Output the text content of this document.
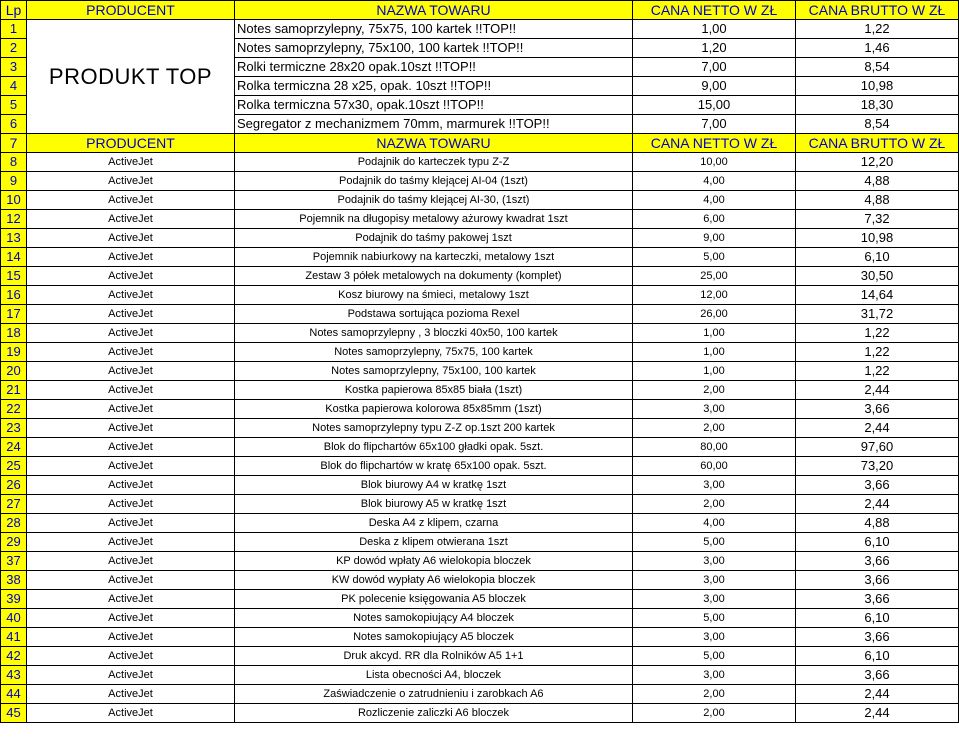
Lp	PRODUCENT	NAZWA TOWARU	CANA NETTO W ZŁ	CANA BRUTTO W ZŁ
1	PRODUKT TOP	Notes samoprzylepny, 75x75, 100 kartek !!TOP!!	1,00	1,22
2		Notes samoprzylepny, 75x100, 100 kartek !!TOP!!	1,20	1,46
3		Rolki termiczne 28x20 opak.10szt !!TOP!!	7,00	8,54
4		Rolka termiczna 28 x25, opak. 10szt !!TOP!!	9,00	10,98
5		Rolka termiczna 57x30, opak.10szt !!TOP!!	15,00	18,30
6		Segregator z mechanizmem 70mm, marmurek !!TOP!!	7,00	8,54
7	PRODUCENT	NAZWA TOWARU	CANA NETTO W ZŁ	CANA BRUTTO W ZŁ
8	ActiveJet	Podajnik do karteczek typu Z-Z	10,00	12,20
9	ActiveJet	Podajnik do taśmy klejącej AI-04 (1szt)	4,00	4,88
10	ActiveJet	Podajnik do taśmy klejącej AI-30, (1szt)	4,00	4,88
12	ActiveJet	Pojemnik na długopisy metalowy ażurowy kwadrat 1szt	6,00	7,32
13	ActiveJet	Podajnik do taśmy pakowej 1szt	9,00	10,98
14	ActiveJet	Pojemnik nabiurkowy na karteczki, metalowy 1szt	5,00	6,10
15	ActiveJet	Zestaw 3 półek metalowych na dokumenty (komplet)	25,00	30,50
16	ActiveJet	Kosz biurowy na śmieci, metalowy 1szt	12,00	14,64
17	ActiveJet	Podstawa sortująca pozioma Rexel	26,00	31,72
18	ActiveJet	Notes samoprzylepny , 3 bloczki 40x50, 100 kartek	1,00	1,22
19	ActiveJet	Notes samoprzylepny, 75x75, 100 kartek	1,00	1,22
20	ActiveJet	Notes samoprzylepny, 75x100, 100 kartek	1,00	1,22
21	ActiveJet	Kostka papierowa 85x85 biała (1szt)	2,00	2,44
22	ActiveJet	Kostka papierowa kolorowa 85x85mm (1szt)	3,00	3,66
23	ActiveJet	Notes samoprzylepny typu Z-Z op.1szt 200 kartek	2,00	2,44
24	ActiveJet	Blok do flipchartów 65x100 gładki opak. 5szt.	80,00	97,60
25	ActiveJet	Blok do flipchartów w kratę 65x100 opak. 5szt.	60,00	73,20
26	ActiveJet	Blok biurowy A4 w kratkę 1szt	3,00	3,66
27	ActiveJet	Blok biurowy A5 w kratkę 1szt	2,00	2,44
28	ActiveJet	Deska A4 z klipem, czarna	4,00	4,88
29	ActiveJet	Deska z klipem otwierana 1szt	5,00	6,10
37	ActiveJet	KP dowód wpłaty A6 wielokopia bloczek	3,00	3,66
38	ActiveJet	KW dowód wypłaty A6 wielokopia bloczek	3,00	3,66
39	ActiveJet	PK polecenie księgowania A5 bloczek	3,00	3,66
40	ActiveJet	Notes samokopiujący A4 bloczek	5,00	6,10
41	ActiveJet	Notes samokopiujący A5 bloczek	3,00	3,66
42	ActiveJet	Druk akcyd. RR dla Rolników A5 1+1	5,00	6,10
43	ActiveJet	Lista obecności A4, bloczek	3,00	3,66
44	ActiveJet	Zaświadczenie o zatrudnieniu i zarobkach A6	2,00	2,44
45	ActiveJet	Rozliczenie zaliczki A6 bloczek	2,00	2,44
